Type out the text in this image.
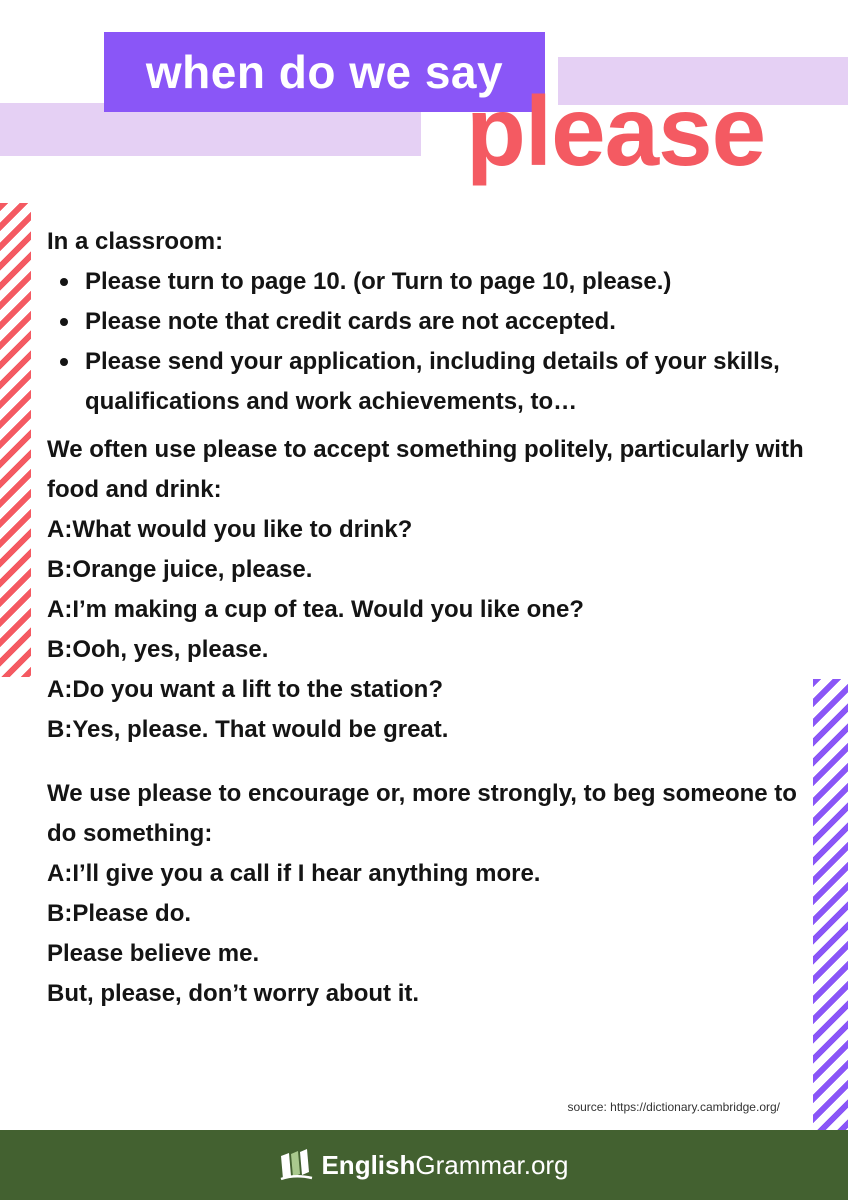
when do we say
please

In a classroom:

Please turn to page 10. (or Turn to page 10, please.)
Please note that credit cards are not accepted.
Please send your application, including details of your skills, qualifications and work achievements, to…

We often use please to accept something politely, particularly with food and drink:

A:What would you like to drink?

B:Orange juice, please.

A:I’m making a cup of tea. Would you like one?

B:Ooh, yes, please.

A:Do you want a lift to the station?

B:Yes, please. That would be great.

We use please to encourage or, more strongly, to beg someone to do something:

A:I’ll give you a call if I hear anything more.

B:Please do.

Please believe me.

But, please, don’t worry about it.

source: https://dictionary.cambridge.org/
EnglishGrammar.org
